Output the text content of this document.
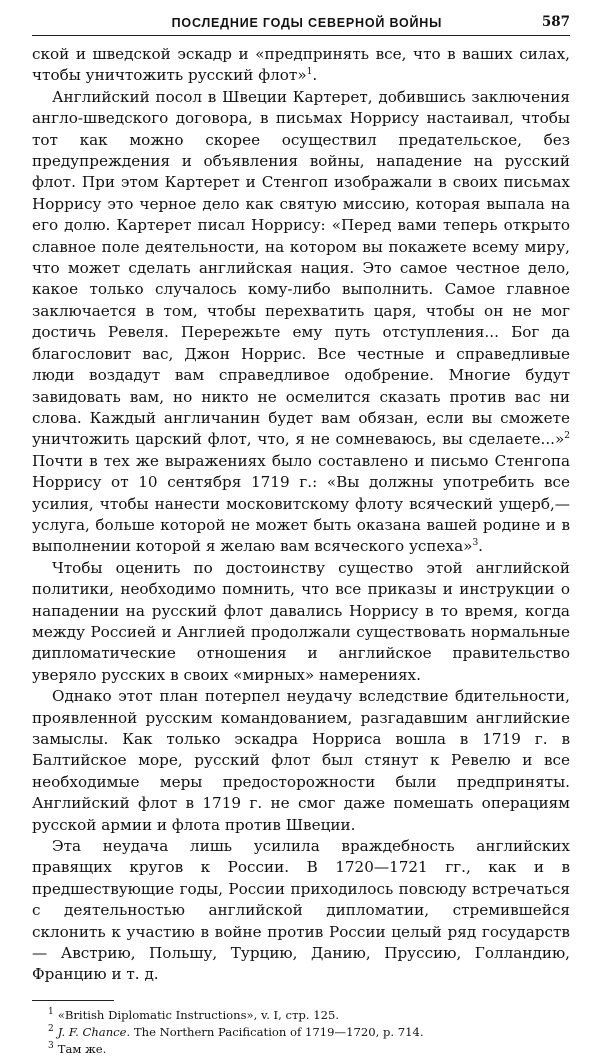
ПОСЛЕДНИЕ ГОДЫ СЕВЕРНОЙ ВОЙНЫ	587

ской и шведской эскадр и «предпринять все, что в ваших силах, чтобы уничтожить русский флот»$^1$.

Английский посол в Швеции Картерет, добившись заключения англо-шведского договора, в письмах Норрису настаивал, чтобы тот как можно скорее осуществил предательское, без предупреждения и объявления войны, нападение на русский флот. При этом Картерет и Стенгоп изображали в своих письмах Норрису это черное дело как святую миссию, которая выпала на его долю. Картерет писал Норрису: «Перед вами теперь открыто славное поле деятельности, на котором вы покажете всему миру, что может сделать английская нация. Это самое честное дело, какое только случалось кому-либо выполнить. Самое главное заключается в том, чтобы перехватить царя, чтобы он не мог достичь Ревеля. Перережьте ему путь отступления... Бог да благословит вас, Джон Норрис. Все честные и справедливые люди воздадут вам справедливое одобрение. Многие будут завидовать вам, но никто не осмелится сказать против вас ни слова. Каждый англичанин будет вам обязан, если вы сможете уничтожить царский флот, что, я не сомневаюсь, вы сделаете...»$^2$ Почти в тех же выражениях было составлено и письмо Стенгопа Норрису от 10 сентября 1719 г.: «Вы должны употребить все усилия, чтобы нанести московитскому флоту всяческий ущерб,— услуга, больше которой не может быть оказана вашей родине и в выполнении которой я желаю вам всяческого успеха»$^3$.

Чтобы оценить по достоинству существо этой английской политики, необходимо помнить, что все приказы и инструкции о нападении на русский флот давались Норрису в то время, когда между Россией и Англией продолжали существовать нормальные дипломатические отношения и английское правительство уверяло русских в своих «мирных» намерениях.

Однако этот план потерпел неудачу вследствие бдительности, проявленной русским командованием, разгадавшим английские замыслы. Как только эскадра Норриса вошла в 1719 г. в Балтийское море, русский флот был стянут к Ревелю и все необходимые меры предосторожности были предприняты. Английский флот в 1719 г. не смог даже помешать операциям русской армии и флота против Швеции.

Эта неудача лишь усилила враждебность английских правящих кругов к России. В 1720—1721 гг., как и в предшествующие годы, России приходилось повсюду встречаться с деятельностью английской дипломатии, стремившейся склонить к участию в войне против России целый ряд государств — Австрию, Польшу, Турцию, Данию, Пруссию, Голландию, Францию и т. д.

$^1$ «British Diplomatic Instructions», v. I, стр. 125.

$^2$ J. F. Chance. The Northern Pacification of 1719—1720, p. 714.

$^3$ Там же.
